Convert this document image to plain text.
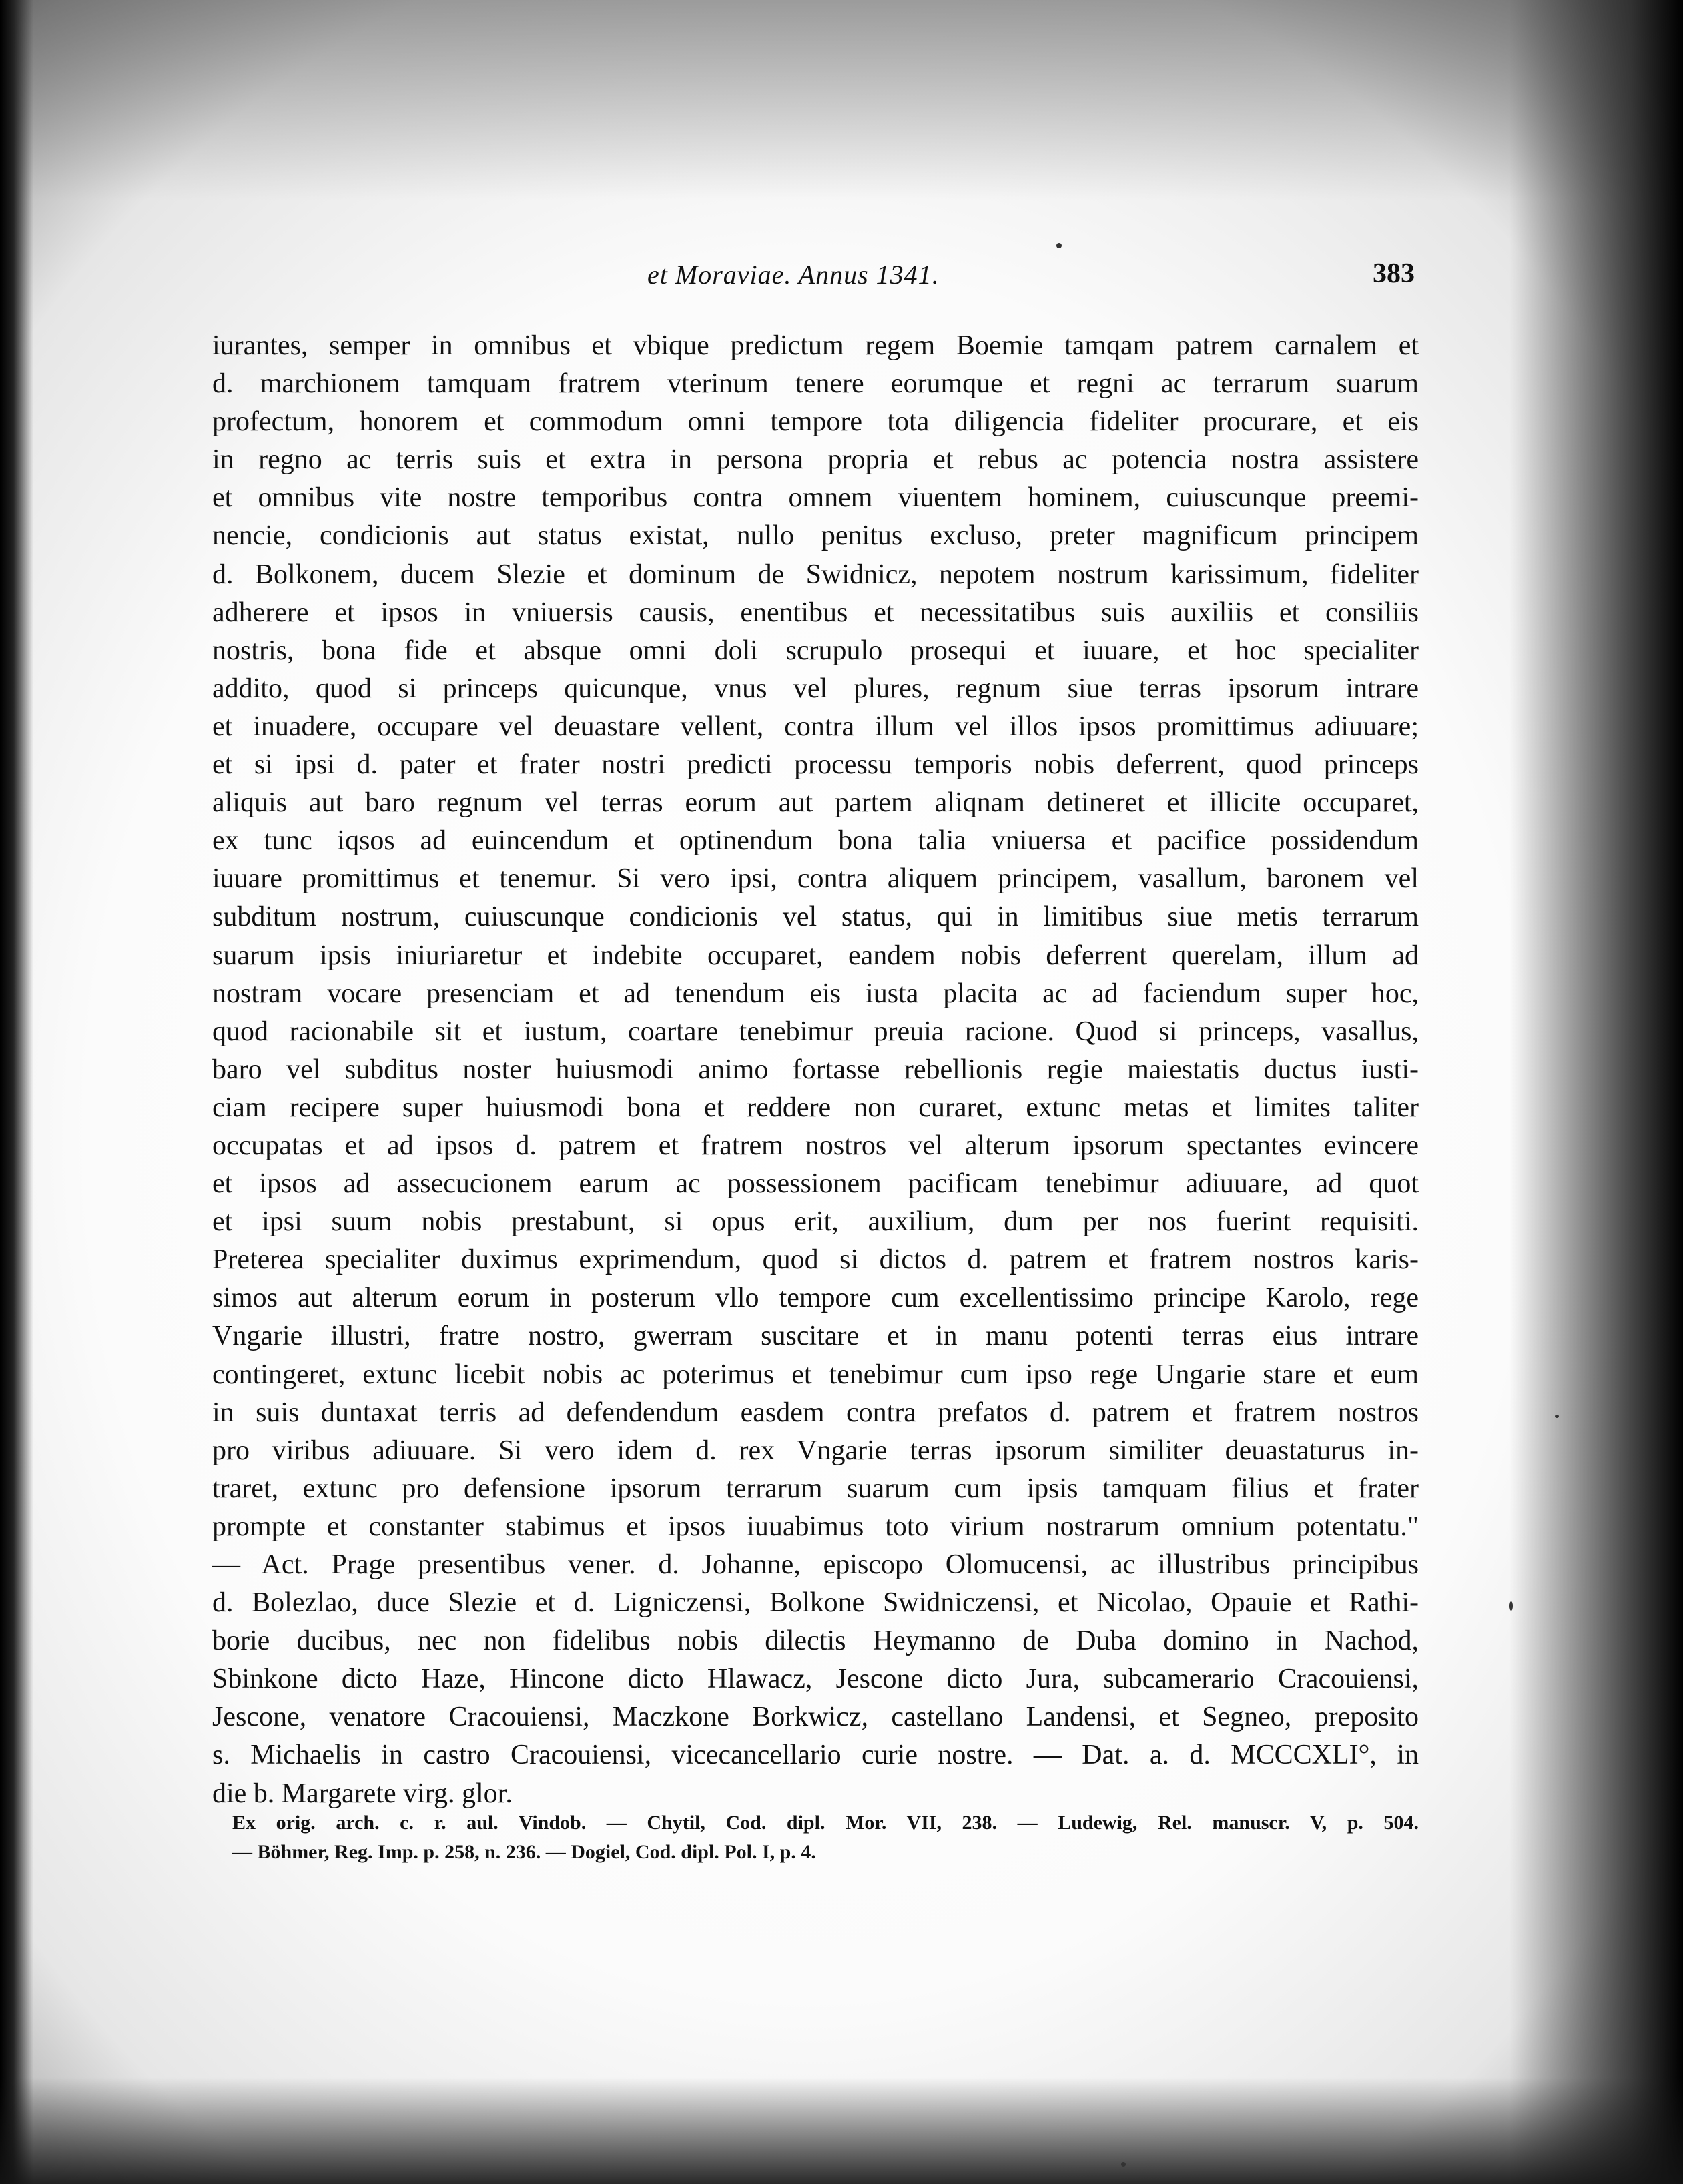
et Moraviae. Annus 1341.	383
iurantes, semper in omnibus et vbique predictum regem Boemie tamqam patrem carnalem et
d. marchionem tamquam fratrem vterinum tenere eorumque et regni ac terrarum suarum
profectum, honorem et commodum omni tempore tota diligencia fideliter procurare, et eis
in regno ac terris suis et extra in persona propria et rebus ac potencia nostra assistere
et omnibus vite nostre temporibus contra omnem viuentem hominem, cuiuscunque preemi-
nencie, condicionis aut status existat, nullo penitus excluso, preter magnificum principem
d. Bolkonem, ducem Slezie et dominum de Swidnicz, nepotem nostrum karissimum, fideliter
adherere et ipsos in vniuersis causis, enentibus et necessitatibus suis auxiliis et consiliis
nostris, bona fide et absque omni doli scrupulo prosequi et iuuare, et hoc specialiter
addito, quod si princeps quicunque, vnus vel plures, regnum siue terras ipsorum intrare
et inuadere, occupare vel deuastare vellent, contra illum vel illos ipsos promittimus adiuuare;
et si ipsi d. pater et frater nostri predicti processu temporis nobis deferrent, quod princeps
aliquis aut baro regnum vel terras eorum aut partem aliqnam detineret et illicite occuparet,
ex tunc iqsos ad euincendum et optinendum bona talia vniuersa et pacifice possidendum
iuuare promittimus et tenemur. Si vero ipsi, contra aliquem principem, vasallum, baronem vel
subditum nostrum, cuiuscunque condicionis vel status, qui in limitibus siue metis terrarum
suarum ipsis iniuriaretur et indebite occuparet, eandem nobis deferrent querelam, illum ad
nostram vocare presenciam et ad tenendum eis iusta placita ac ad faciendum super hoc,
quod racionabile sit et iustum, coartare tenebimur preuia racione. Quod si princeps, vasallus,
baro vel subditus noster huiusmodi animo fortasse rebellionis regie maiestatis ductus iusti-
ciam recipere super huiusmodi bona et reddere non curaret, extunc metas et limites taliter
occupatas et ad ipsos d. patrem et fratrem nostros vel alterum ipsorum spectantes evincere
et ipsos ad assecucionem earum ac possessionem pacificam tenebimur adiuuare, ad quot
et ipsi suum nobis prestabunt, si opus erit, auxilium, dum per nos fuerint requisiti.
Preterea specialiter duximus exprimendum, quod si dictos d. patrem et fratrem nostros karis-
simos aut alterum eorum in posterum vllo tempore cum excellentissimo principe Karolo, rege
Vngarie illustri, fratre nostro, gwerram suscitare et in manu potenti terras eius intrare
contingeret, extunc licebit nobis ac poterimus et tenebimur cum ipso rege Ungarie stare et eum
in suis duntaxat terris ad defendendum easdem contra prefatos d. patrem et fratrem nostros
pro viribus adiuuare. Si vero idem d. rex Vngarie terras ipsorum similiter deuastaturus in-
traret, extunc pro defensione ipsorum terrarum suarum cum ipsis tamquam filius et frater
prompte et constanter stabimus et ipsos iuuabimus toto virium nostrarum omnium potentatu."
— Act. Prage presentibus vener. d. Johanne, episcopo Olomucensi, ac illustribus principibus
d. Bolezlao, duce Slezie et d. Ligniczensi, Bolkone Swidniczensi, et Nicolao, Opauie et Rathi-
borie ducibus, nec non fidelibus nobis dilectis Heymanno de Duba domino in Nachod,
Sbinkone dicto Haze, Hincone dicto Hlawacz, Jescone dicto Jura, subcamerario Cracouiensi,
Jescone, venatore Cracouiensi, Maczkone Borkwicz, castellano Landensi, et Segneo, preposito
s. Michaelis in castro Cracouiensi, vicecancellario curie nostre. — Dat. a. d. MCCCXLI°, in
die b. Margarete virg. glor.
Ex orig. arch. c. r. aul. Vindob. — Chytil, Cod. dipl. Mor. VII, 238. — Ludewig, Rel. manuscr. V, p. 504.
— Böhmer, Reg. Imp. p. 258, n. 236. — Dogiel, Cod. dipl. Pol. I, p. 4.
